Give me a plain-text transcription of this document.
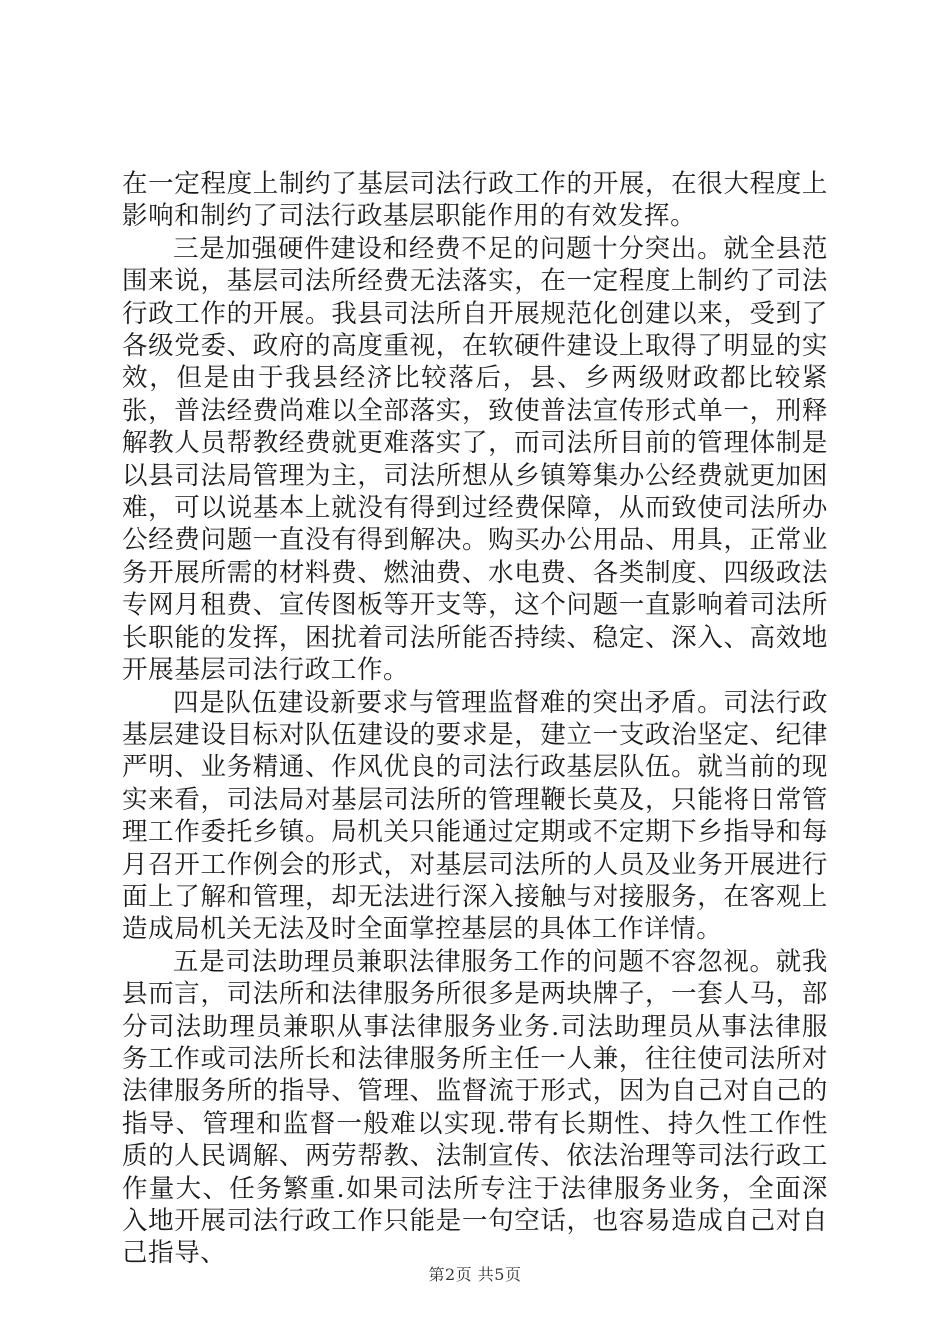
在一定程度上制约了基层司法行政工作的开展，在很大程度上影响和制约了司法行政基层职能作用的有效发挥。

三是加强硬件建设和经费不足的问题十分突出。就全县范围来说，基层司法所经费无法落实，在一定程度上制约了司法行政工作的开展。我县司法所自开展规范化创建以来，受到了各级党委、政府的高度重视，在软硬件建设上取得了明显的实效，但是由于我县经济比较落后，县、乡两级财政都比较紧张，普法经费尚难以全部落实，致使普法宣传形式单一，刑释解教人员帮教经费就更难落实了，而司法所目前的管理体制是以县司法局管理为主，司法所想从乡镇筹集办公经费就更加困难，可以说基本上就没有得到过经费保障，从而致使司法所办公经费问题一直没有得到解决。购买办公用品、用具，正常业务开展所需的材料费、燃油费、水电费、各类制度、四级政法专网月租费、宣传图板等开支等，这个问题一直影响着司法所长职能的发挥，困扰着司法所能否持续、稳定、深入、高效地开展基层司法行政工作。

四是队伍建设新要求与管理监督难的突出矛盾。司法行政基层建设目标对队伍建设的要求是，建立一支政治坚定、纪律严明、业务精通、作风优良的司法行政基层队伍。就当前的现实来看，司法局对基层司法所的管理鞭长莫及，只能将日常管理工作委托乡镇。局机关只能通过定期或不定期下乡指导和每月召开工作例会的形式，对基层司法所的人员及业务开展进行面上了解和管理，却无法进行深入接触与对接服务，在客观上造成局机关无法及时全面掌控基层的具体工作详情。

五是司法助理员兼职法律服务工作的问题不容忽视。就我县而言，司法所和法律服务所很多是两块牌子，一套人马，部分司法助理员兼职从事法律服务业务.司法助理员从事法律服务工作或司法所长和法律服务所主任一人兼，往往使司法所对法律服务所的指导、管理、监督流于形式，因为自己对自己的指导、管理和监督一般难以实现.带有长期性、持久性工作性质的人民调解、两劳帮教、法制宣传、依法治理等司法行政工作量大、任务繁重.如果司法所专注于法律服务业务，全面深入地开展司法行政工作只能是一句空话，也容易造成自己对自己指导、

第2页 共5页
